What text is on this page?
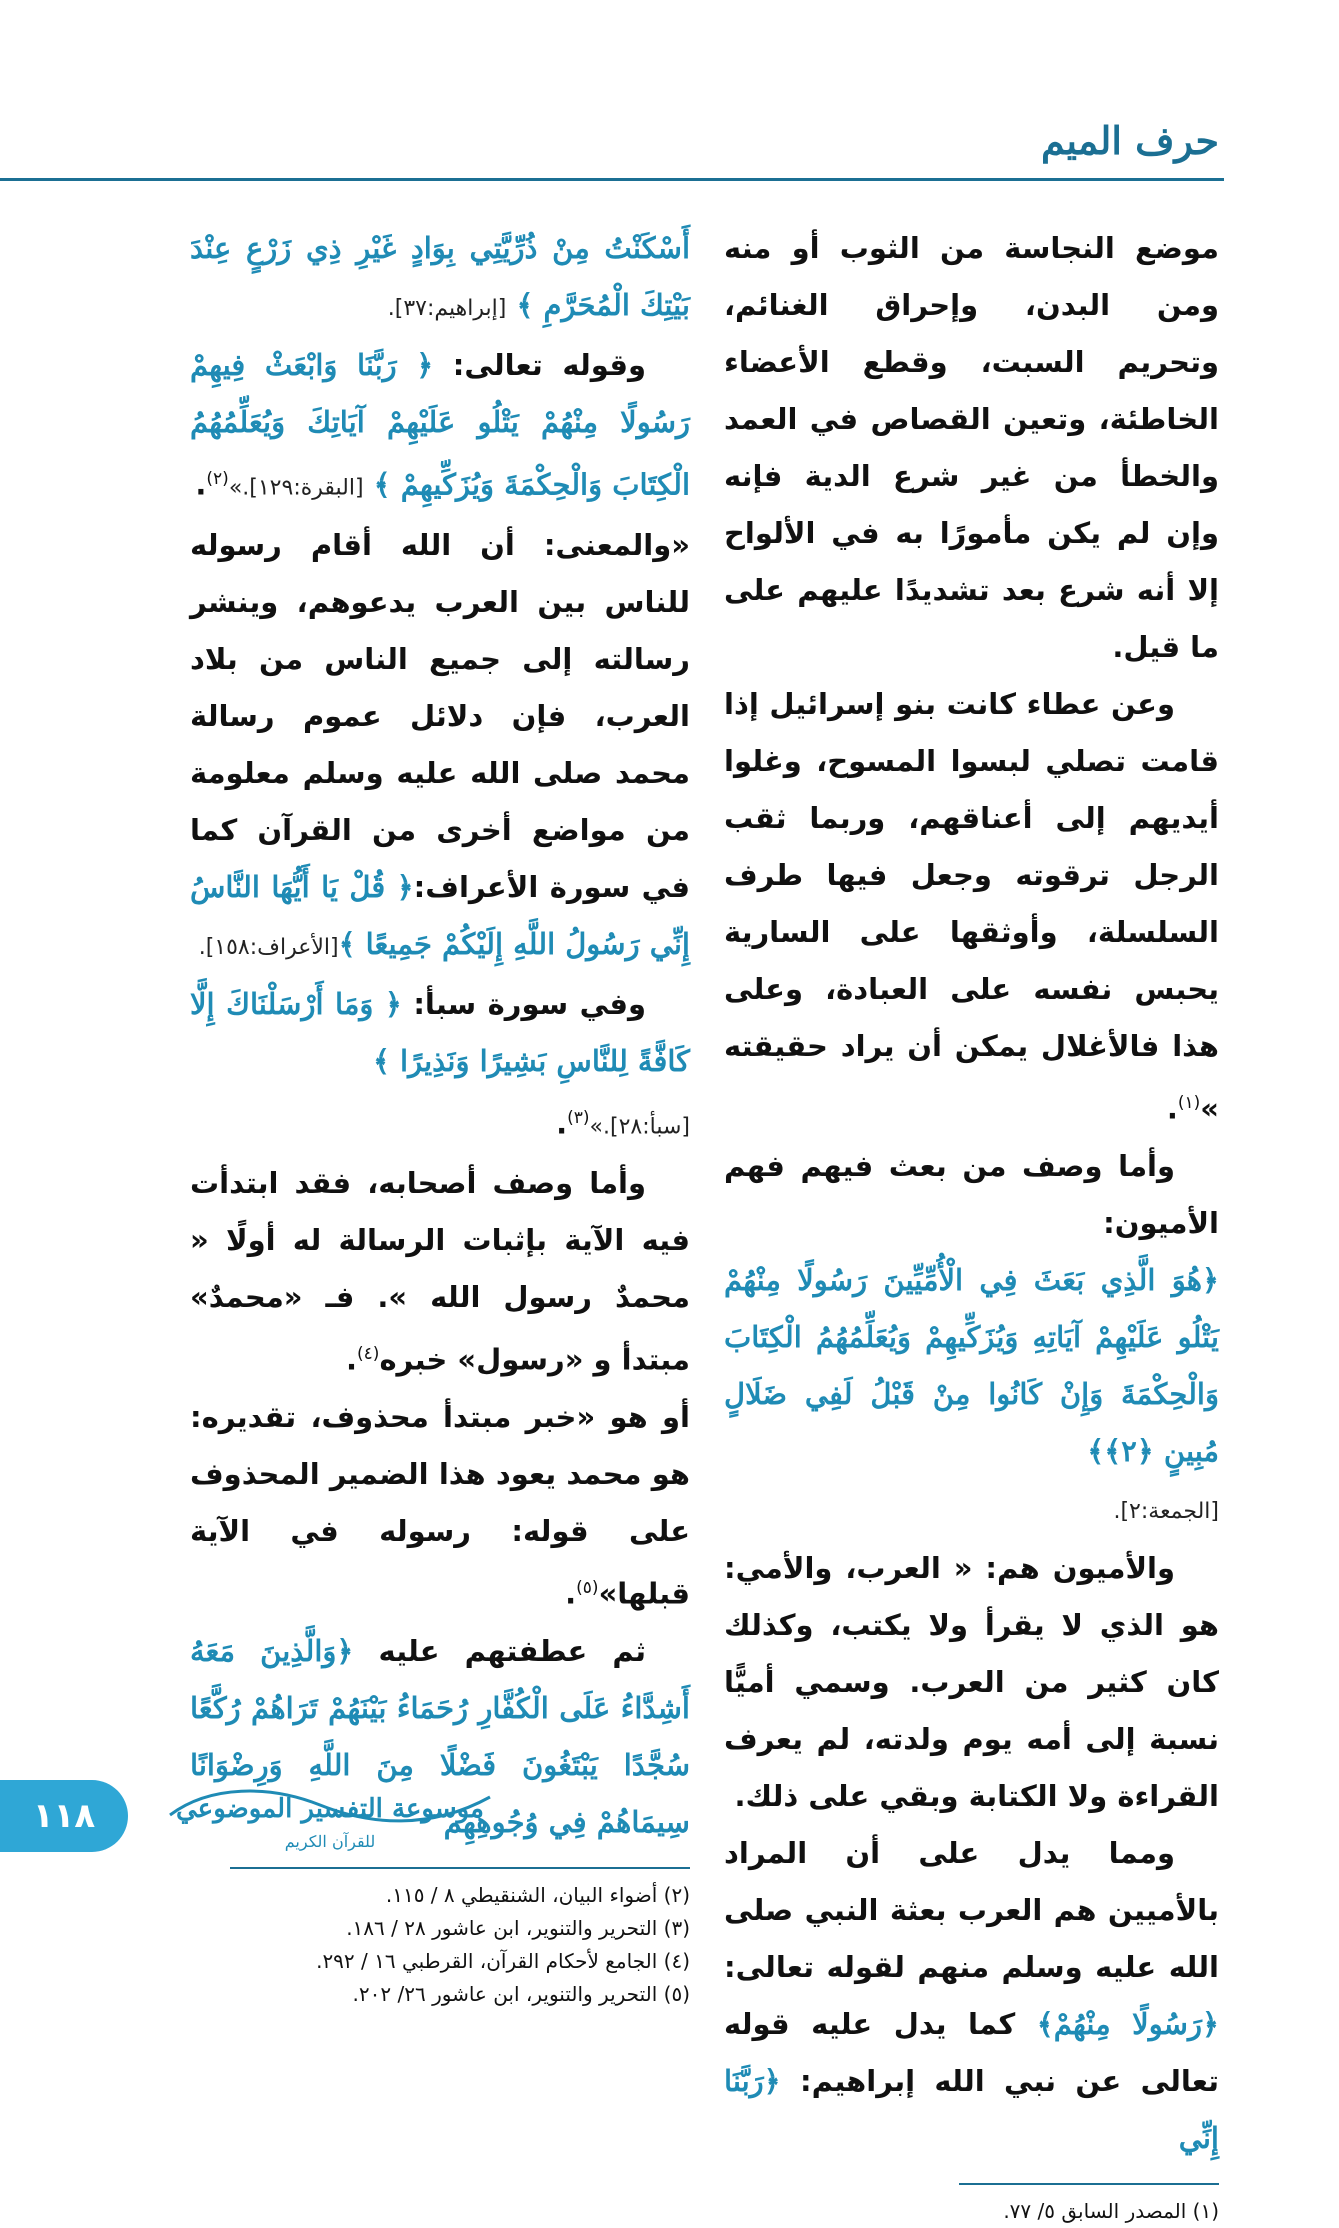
حرف الميم

موضع النجاسة من الثوب أو منه ومن البدن، وإحراق الغنائم، وتحريم السبت، وقطع الأعضاء الخاطئة، وتعين القصاص في العمد والخطأ من غير شرع الدية فإنه وإن لم يكن مأمورًا به في الألواح إلا أنه شرع بعد تشديدًا عليهم على ما قيل.

وعن عطاء كانت بنو إسرائيل إذا قامت تصلي لبسوا المسوح، وغلوا أيديهم إلى أعناقهم، وربما ثقب الرجل ترقوته وجعل فيها طرف السلسلة، وأوثقها على السارية يحبس نفسه على العبادة، وعلى هذا فالأغلال يمكن أن يراد حقيقته »$^{(١)}$.

وأما وصف من بعث فيهم فهم الأميون:

﴿هُوَ الَّذِي بَعَثَ فِي الْأُمِّيِّينَ رَسُولًا مِنْهُمْ يَتْلُو عَلَيْهِمْ آيَاتِهِ وَيُزَكِّيهِمْ وَيُعَلِّمُهُمُ الْكِتَابَ وَالْحِكْمَةَ وَإِنْ كَانُوا مِنْ قَبْلُ لَفِي ضَلَالٍ مُبِينٍ ﴿٢﴾﴾

[الجمعة:٢].

والأميون هم: « العرب، والأمي: هو الذي لا يقرأ ولا يكتب، وكذلك كان كثير من العرب. وسمي أميًّا نسبة إلى أمه يوم ولدته، لم يعرف القراءة ولا الكتابة وبقي على ذلك.

ومما يدل على أن المراد بالأميين هم العرب بعثة النبي صلى الله عليه وسلم منهم لقوله تعالى:﴿رَسُولًا مِنْهُمْ﴾ كما يدل عليه قوله تعالى عن نبي الله إبراهيم: ﴿رَبَّنَا إِنِّي

(١) المصدر السابق ٥/ ٧٧.

أَسْكَنْتُ مِنْ ذُرِّيَّتِي بِوَادٍ غَيْرِ ذِي زَرْعٍ عِنْدَ بَيْتِكَ الْمُحَرَّمِ ﴾ [إبراهيم:٣٧].

وقوله تعالى: ﴿ رَبَّنَا وَابْعَثْ فِيهِمْ رَسُولًا مِنْهُمْ يَتْلُو عَلَيْهِمْ آيَاتِكَ وَيُعَلِّمُهُمُ الْكِتَابَ وَالْحِكْمَةَ وَيُزَكِّيهِمْ ﴾ [البقرة:١٢٩].»$^{(٢)}$.

«والمعنى: أن الله أقام رسوله للناس بين العرب يدعوهم، وينشر رسالته إلى جميع الناس من بلاد العرب، فإن دلائل عموم رسالة محمد صلى الله عليه وسلم معلومة من مواضع أخرى من القرآن كما في سورة الأعراف:﴿ قُلْ يَا أَيُّهَا النَّاسُ إِنِّي رَسُولُ اللَّهِ إِلَيْكُمْ جَمِيعًا ﴾[الأعراف:١٥٨].

وفي سورة سبأ: ﴿ وَمَا أَرْسَلْنَاكَ إِلَّا كَافَّةً لِلنَّاسِ بَشِيرًا وَنَذِيرًا ﴾

[سبأ:٢٨].»$^{(٣)}$.

وأما وصف أصحابه، فقد ابتدأت فيه الآية بإثبات الرسالة له أولًا « محمدٌ رسول الله ». فـ «محمدٌ» مبتدأ و «رسول» خبره$^{(٤)}$.

أو هو «خبر مبتدأ محذوف، تقديره: هو محمد يعود هذا الضمير المحذوف على قوله: رسوله في الآية قبلها»$^{(٥)}$.

ثم عطفتهم عليه ﴿وَالَّذِينَ مَعَهُ أَشِدَّاءُ عَلَى الْكُفَّارِ رُحَمَاءُ بَيْنَهُمْ تَرَاهُمْ رُكَّعًا سُجَّدًا يَبْتَغُونَ فَضْلًا مِنَ اللَّهِ وَرِضْوَانًا سِيمَاهُمْ فِي وُجُوهِهِم

(٢) أضواء البيان، الشنقيطي ٨ / ١١٥.
(٣) التحرير والتنوير، ابن عاشور ٢٨ / ١٨٦.
(٤) الجامع لأحكام القرآن، القرطبي ١٦ / ٢٩٢.
(٥) التحرير والتنوير، ابن عاشور ٢٦/ ٢٠٢.
١١٨	موسوعة التفسير الموضوعي
للقرآن الكريم
